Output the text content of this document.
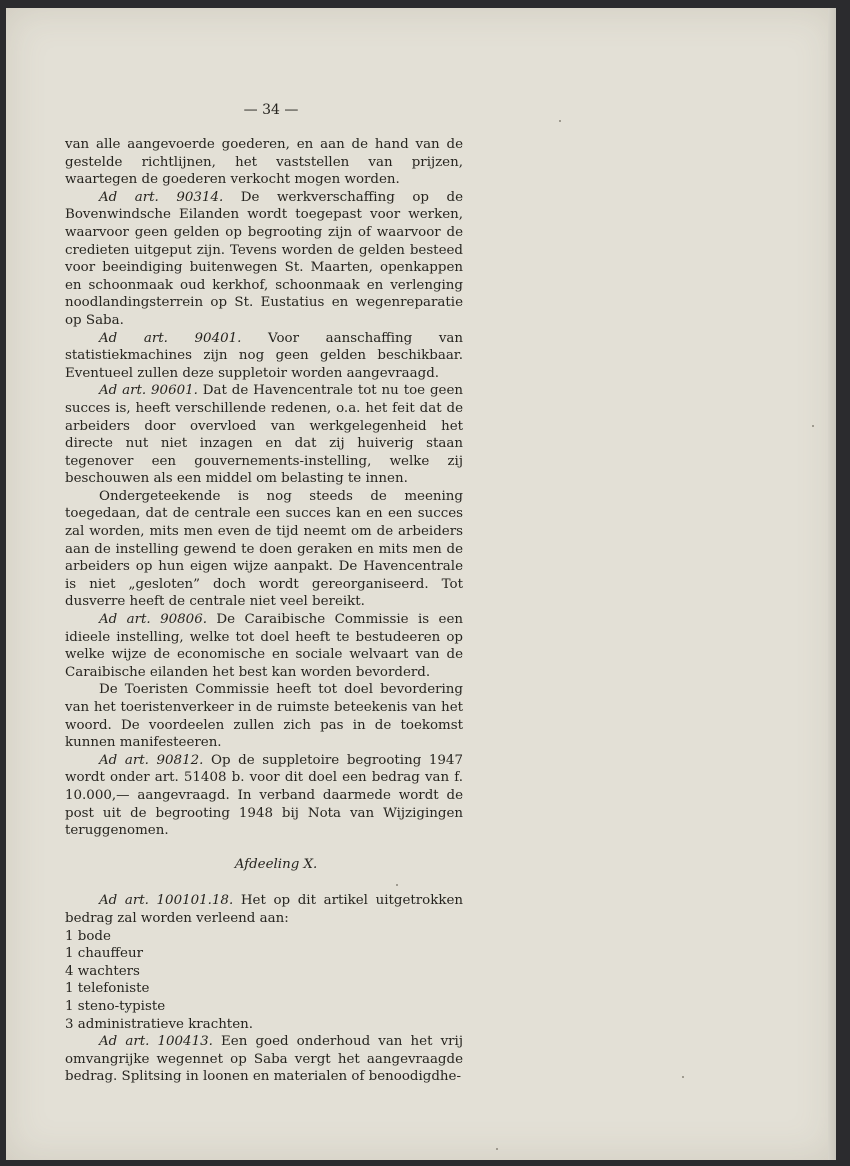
— 34 —

van alle aangevoerde goederen, en aan de hand van de gestelde richtlijnen, het vaststellen van prijzen, waartegen de goederen verkocht mogen worden.

Ad art. 90314. De werkverschaffing op de Bovenwindsche Eilanden wordt toegepast voor werken, waarvoor geen gelden op begrooting zijn of waarvoor de credieten uitgeput zijn. Tevens worden de gelden besteed voor beeindiging buitenwegen St. Maarten, openkappen en schoonmaak oud kerkhof, schoonmaak en verlenging noodlandingsterrein op St. Eustatius en wegenreparatie op Saba.

Ad art. 90401. Voor aanschaffing van statistiekmachines zijn nog geen gelden beschikbaar. Eventueel zullen deze suppletoir worden aangevraagd.

Ad art. 90601. Dat de Havencentrale tot nu toe geen succes is, heeft verschillende redenen, o.a. het feit dat de arbeiders door overvloed van werkgelegenheid het directe nut niet inzagen en dat zij huiverig staan tegenover een gouvernements-instelling, welke zij beschouwen als een middel om belasting te innen.

Ondergeteekende is nog steeds de meening toegedaan, dat de centrale een succes kan en een succes zal worden, mits men even de tijd neemt om de arbeiders aan de instelling gewend te doen geraken en mits men de arbeiders op hun eigen wijze aanpakt. De Havencentrale is niet „gesloten” doch wordt gereorganiseerd. Tot dusverre heeft de centrale niet veel bereikt.

Ad art. 90806. De Caraibische Commissie is een idieele instelling, welke tot doel heeft te bestudeeren op welke wijze de economische en sociale welvaart van de Caraibische eilanden het best kan worden bevorderd.

De Toeristen Commissie heeft tot doel bevordering van het toeristenverkeer in de ruimste beteekenis van het woord. De voordeelen zullen zich pas in de toekomst kunnen manifesteeren.

Ad art. 90812. Op de suppletoire begrooting 1947 wordt onder art. 51408 b. voor dit doel een bedrag van f. 10.000,— aangevraagd. In verband daarmede wordt de post uit de begrooting 1948 bij Nota van Wijzigingen teruggenomen.

Afdeeling X.

Ad art. 100101.18. Het op dit artikel uitgetrokken bedrag zal worden verleend aan:

1 bode

1 chauffeur

4 wachters

1 telefoniste

1 steno-typiste

3 administratieve krachten.

Ad art. 100413. Een goed onderhoud van het vrij omvangrijke wegennet op Saba vergt het aangevraagde bedrag. Splitsing in loonen en materialen of benoodigdhe-
